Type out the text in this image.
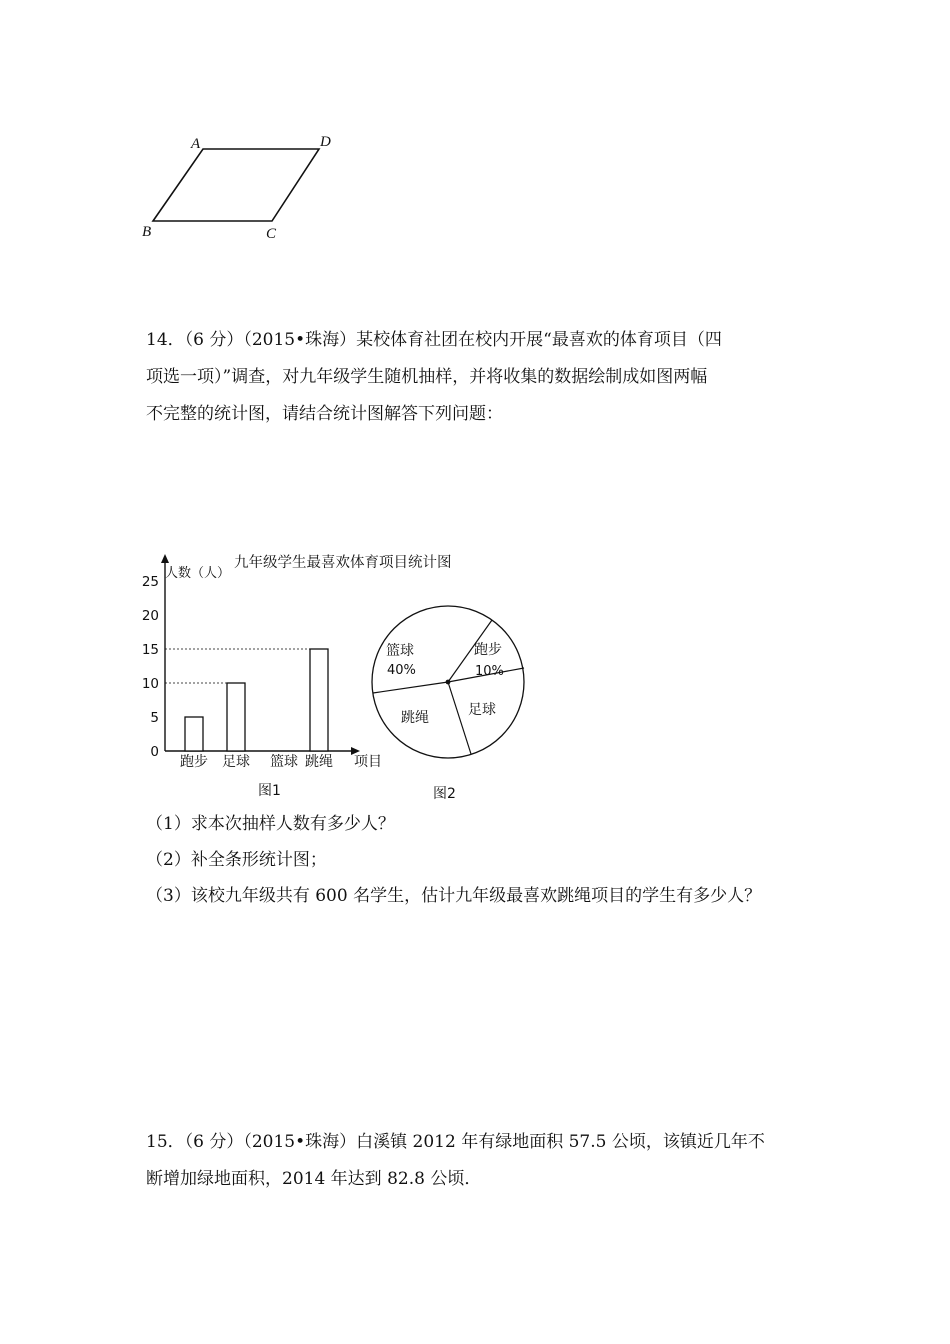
A	D
B	C

14．（6 分）（2015•珠海）某校体育社团在校内开展“最喜欢的体育项目（四

项选一项）”调查，对九年级学生随机抽样，并将收集的数据绘制成如图两幅

不完整的统计图，请结合统计图解答下列问题：

九年级学生最喜欢体育项目统计图
人数（人）
0
5
10
15
20
25
跑步 足球 篮球 跳绳 项目
图1
篮球
40%
跑步
10%
足球
跳绳
图2

（1）求本次抽样人数有多少人？

（2）补全条形统计图；

（3）该校九年级共有 600 名学生，估计九年级最喜欢跳绳项目的学生有多少人？

15．（6 分）（2015•珠海）白溪镇 2012 年有绿地面积 57.5 公顷，该镇近几年不

断增加绿地面积，2014 年达到 82.8 公顷．
